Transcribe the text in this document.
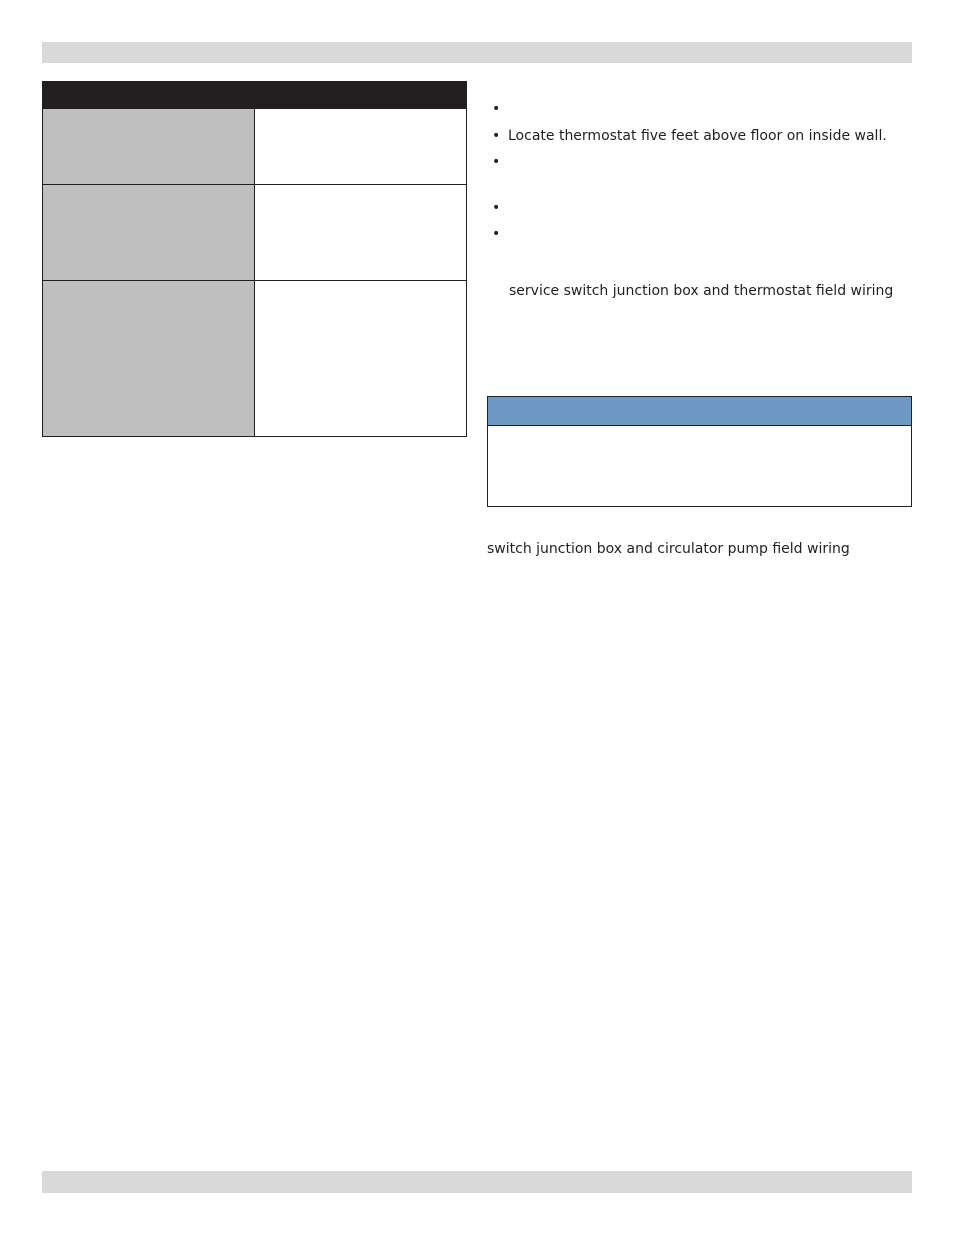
•
• Locate thermostat five feet above floor on inside wall.
•
•
•
service switch junction box and thermostat field wiring
switch junction box and circulator pump field wiring
